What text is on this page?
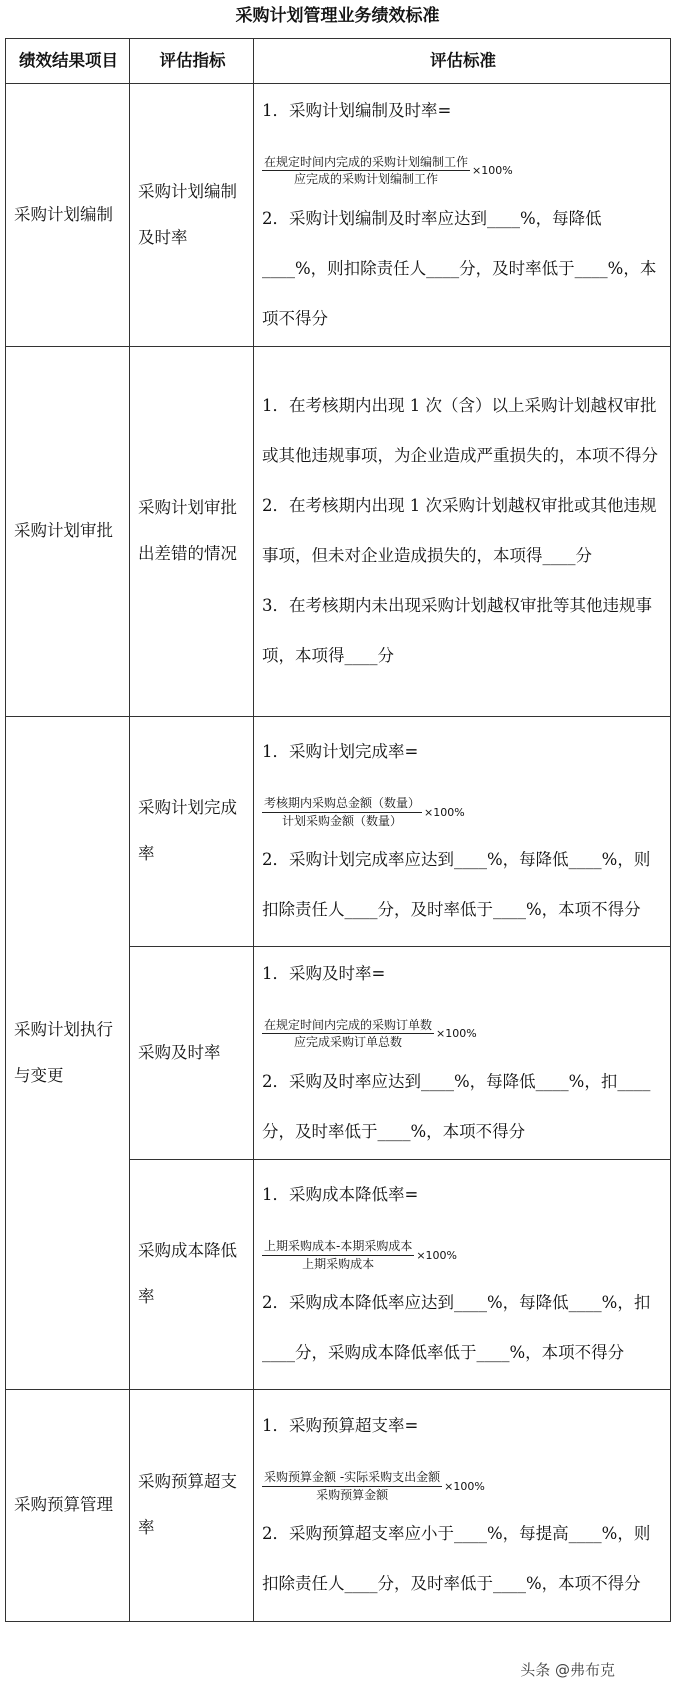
采购计划管理业务绩效标准
绩效结果项目	评估指标	评估标准
采购计划编制	采购计划编制及时率	1．采购计划编制及时率=
$\frac{\text{在规定时间内完成的采购计划编制工作}}{\text{应完成的采购计划编制工作}} \times 100\%$
2．采购计划编制及时率应达到____%，每降低____%，则扣除责任人____分，及时率低于____%，本项不得分

采购计划审批	采购计划审批出差错的情况	1．在考核期内出现 1 次（含）以上采购计划越权审批或其他违规事项，为企业造成严重损失的，本项不得分
2．在考核期内出现 1 次采购计划越权审批或其他违规事项，但未对企业造成损失的，本项得____分
3．在考核期内未出现采购计划越权审批等其他违规事项，本项得____分

采购计划执行与变更	采购计划完成率	1．采购计划完成率=
$\frac{\text{考核期内采购总金额（数量）}}{\text{计划采购金额（数量）}} \times 100\%$
2．采购计划完成率应达到____%，每降低____%，则扣除责任人____分，及时率低于____%，本项不得分

	采购及时率	1．采购及时率=
$\frac{\text{在规定时间内完成的采购订单数}}{\text{应完成采购订单总数}} \times 100\%$
2．采购及时率应达到____%，每降低____%，扣____分，及时率低于____%，本项不得分

	采购成本降低率	1．采购成本降低率=
$\frac{\text{上期采购成本-本期采购成本}}{\text{上期采购成本}} \times 100\%$
2．采购成本降低率应达到____%，每降低____%，扣____分，采购成本降低率低于____%，本项不得分

采购预算管理	采购预算超支率	1．采购预算超支率=
$\frac{\text{采购预算金额 -实际采购支出金额}}{\text{采购预算金额}} \times 100\%$
2．采购预算超支率应小于____%，每提高____%，则扣除责任人____分，及时率低于____%，本项不得分
头条 @弗布克
